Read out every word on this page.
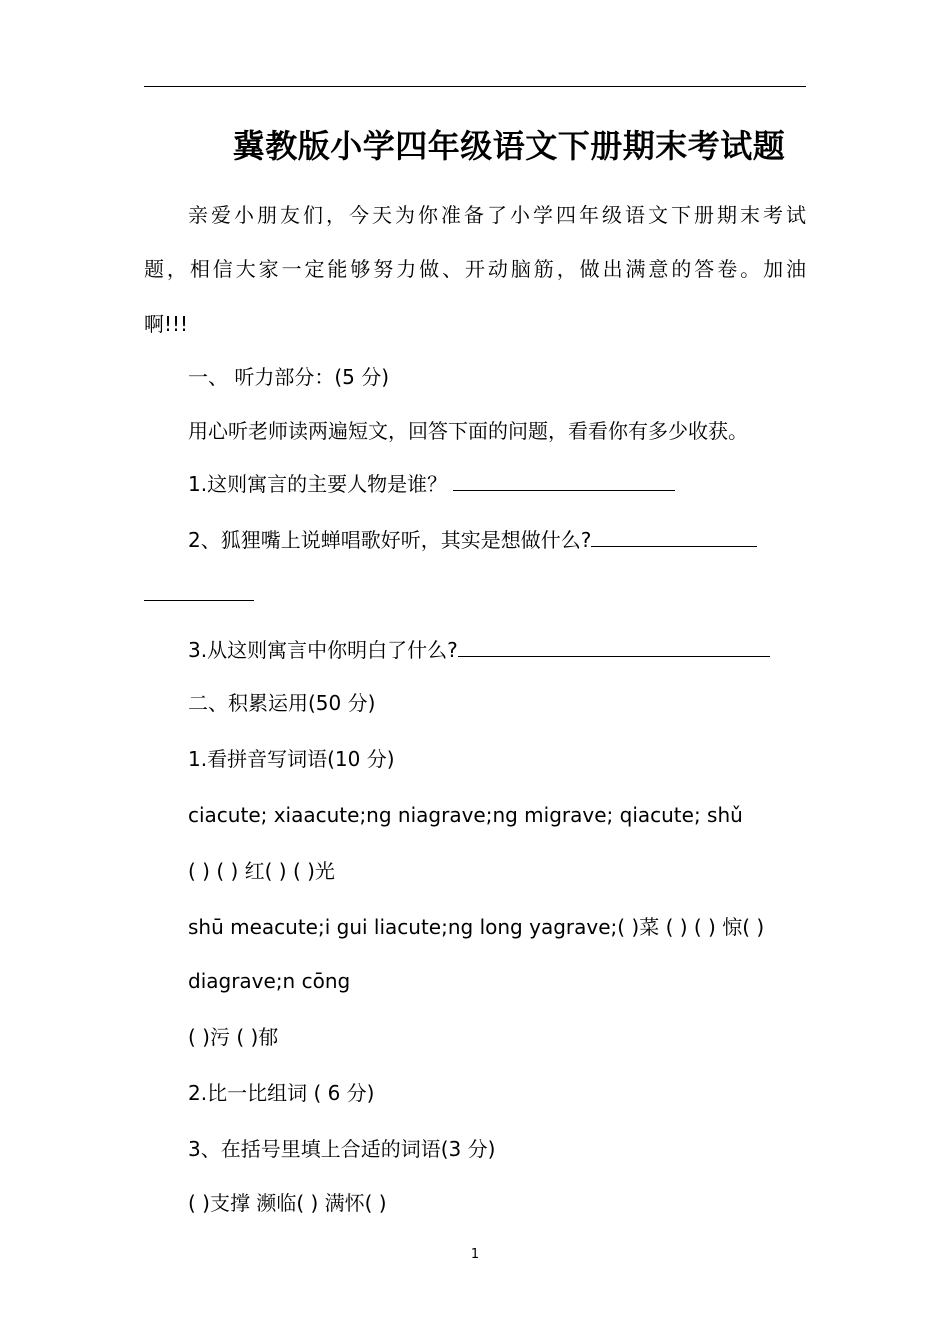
冀教版小学四年级语文下册期末考试题
亲爱小朋友们，今天为你准备了小学四年级语文下册期末考试
题，相信大家一定能够努力做、开动脑筋，做出满意的答卷。加油
啊!!!
一、 听力部分：(5 分)
用心听老师读两遍短文，回答下面的问题，看看你有多少收获。
1.这则寓言的主要人物是谁？
2、狐狸嘴上说蝉唱歌好听，其实是想做什么?
3.从这则寓言中你明白了什么?
二、积累运用(50 分)
1.看拼音写词语(10 分)
ciacute; xiaacute;ng niagrave;ng migrave; qiacute; shǔ
( ) ( ) 红( ) ( )光
shū meacute;i gui liacute;ng long yagrave;( )菜 ( ) ( ) 惊( )
diagrave;n cōng
( )污 ( )郁
2.比一比组词 ( 6 分)
3、在括号里填上合适的词语(3 分)
( )支撑 濒临( ) 满怀( )
1
